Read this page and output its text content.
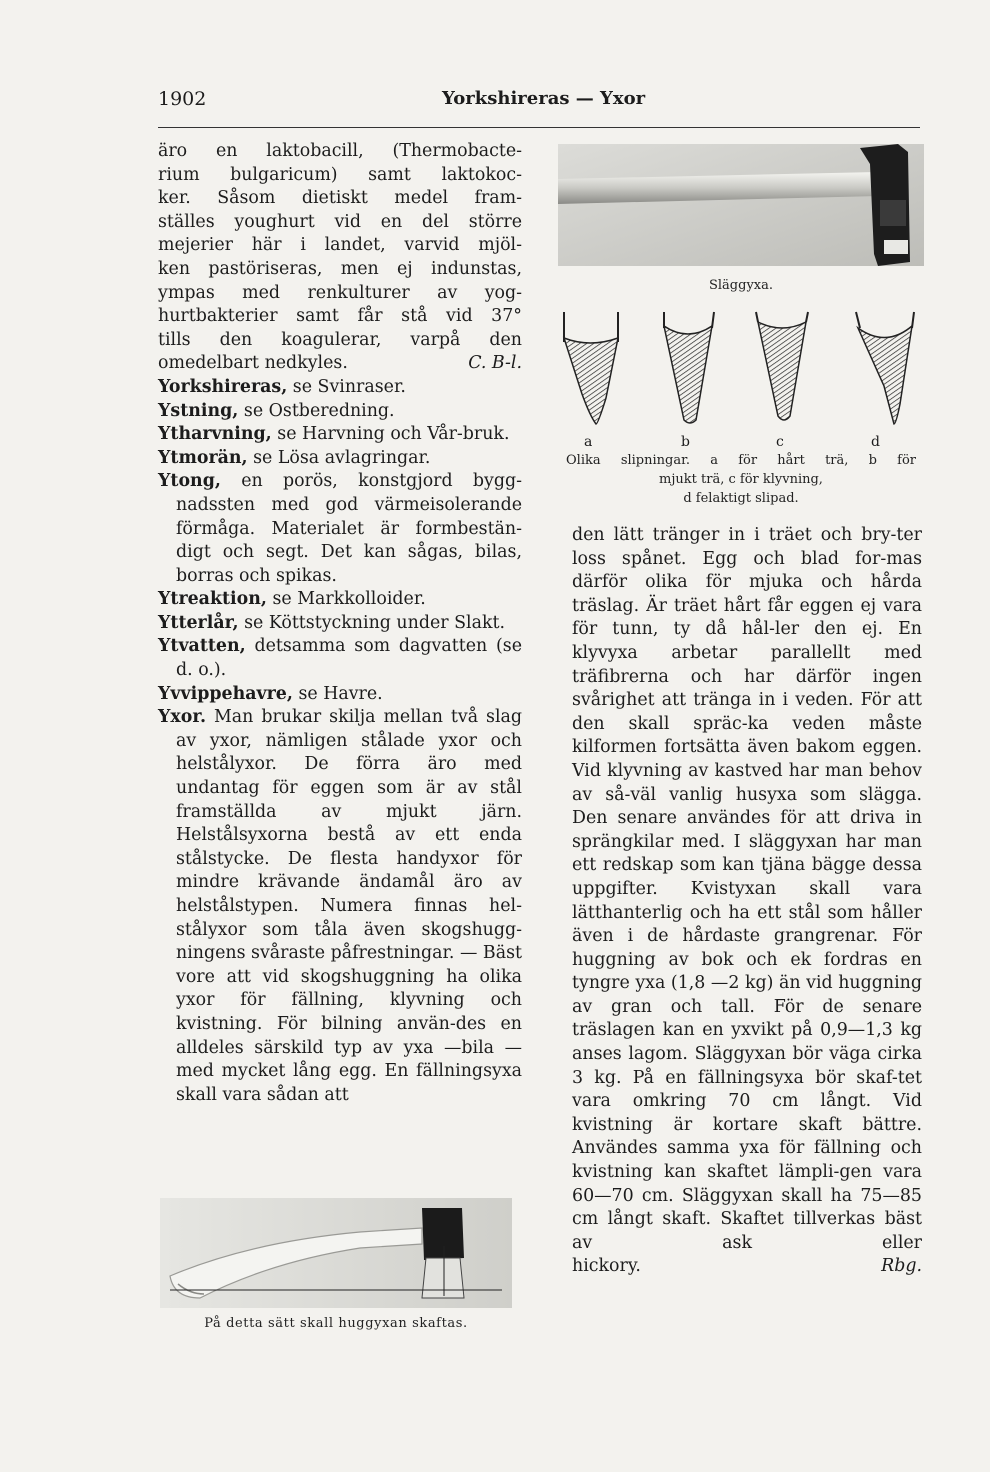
1902	Yorkshireras — Yxor

äro en laktobacill, (Thermobacte-

rium bulgaricum) samt laktokoc-

ker. Såsom dietiskt medel fram-

ställes youghurt vid en del större

mejerier här i landet, varvid mjöl-

ken pastöriseras, men ej indunstas,

ympas med renkulturer av yog-

hurtbakterier samt får stå vid 37°

tills den koagulerar, varpå den

omedelbart nedkyles.	C. B-l.

Yorkshireras, se Svinraser.

Ystning, se Ostberedning.

Ytharvning, se Harvning och Vår-bruk.

Ytmorän, se Lösa avlagringar.

Ytong, en porös, konstgjord bygg-nadssten med god värmeisolerande förmåga. Materialet är formbestän-digt och segt. Det kan sågas, bilas, borras och spikas.

Ytreaktion, se Markkolloider.

Ytterlår, se Köttstyckning under Slakt.

Ytvatten, detsamma som dagvatten (se d. o.).

Yvvippehavre, se Havre.

Yxor. Man brukar skilja mellan två slag av yxor, nämligen stålade yxor och helstålyxor. De förra äro med undantag för eggen som är av stål framställda av mjukt järn. Helstålsyxorna bestå av ett enda stålstycke. De flesta handyxor för mindre krävande ändamål äro av helstålstypen. Numera finnas hel-stålyxor som tåla även skogshugg-ningens svåraste påfrestningar. — Bäst vore att vid skogshuggning ha olika yxor för fällning, klyvning och kvistning. För bilning använ-des en alldeles särskild typ av yxa —bila — med mycket lång egg. En fällningsyxa skall vara sådan att

Släggyxa.
a	b	c	d
Olika slipningar. a för hårt trä, b för
mjukt trä, c för klyvning,
d felaktigt slipad.

den lätt tränger in i träet och bry-ter loss spånet. Egg och blad for-mas därför olika för mjuka och hårda träslag. Är träet hårt får eggen ej vara för tunn, ty då hål-ler den ej. En klyvyxa arbetar parallellt med träfibrerna och har därför ingen svårighet att tränga in i veden. För att den skall spräc-ka veden måste kilformen fortsätta även bakom eggen. Vid klyvning av kastved har man behov av så-väl vanlig husyxa som slägga. Den senare användes för att driva in sprängkilar med. I släggyxan har man ett redskap som kan tjäna bägge dessa uppgifter. Kvistyxan skall vara lätthanterlig och ha ett stål som håller även i de hårdaste grangrenar. För huggning av bok och ek fordras en tyngre yxa (1,8 —2 kg) än vid huggning av gran och tall. För de senare träslagen kan en yxvikt på 0,9—1,3 kg anses lagom. Släggyxan bör väga cirka 3 kg. På en fällningsyxa bör skaf-tet vara omkring 70 cm långt. Vid kvistning är kortare skaft bättre. Användes samma yxa för fällning och kvistning kan skaftet lämpli-gen vara 60—70 cm. Släggyxan skall ha 75—85 cm långt skaft. Skaftet tillverkas bäst av ask eller

hickory.	Rbg.

På detta sätt skall huggyxan skaftas.
